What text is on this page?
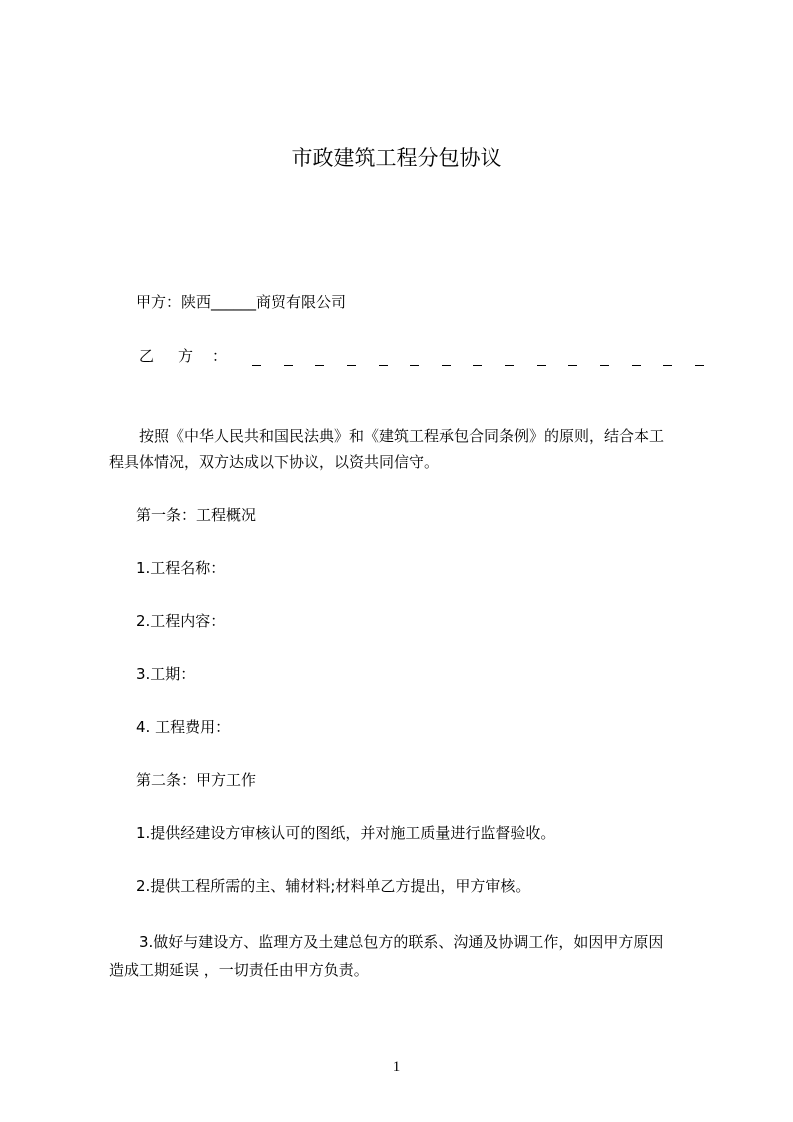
市政建筑工程分包协议
甲方：陕西______商贸有限公司
乙 方 ：
按照《中华人民共和国民法典》和《建筑工程承包合同条例》的原则，结合本工
程具体情况，双方达成以下协议，以资共同信守。
第一条：工程概况
1.工程名称：
2.工程内容：
3.工期：
4. 工程费用：
第二条：甲方工作
1.提供经建设方审核认可的图纸，并对施工质量进行监督验收。
2.提供工程所需的主、辅材料;材料单乙方提出，甲方审核。
3.做好与建设方、监理方及土建总包方的联系、沟通及协调工作，如因甲方原因
造成工期延误 ，一切责任由甲方负责。
1
